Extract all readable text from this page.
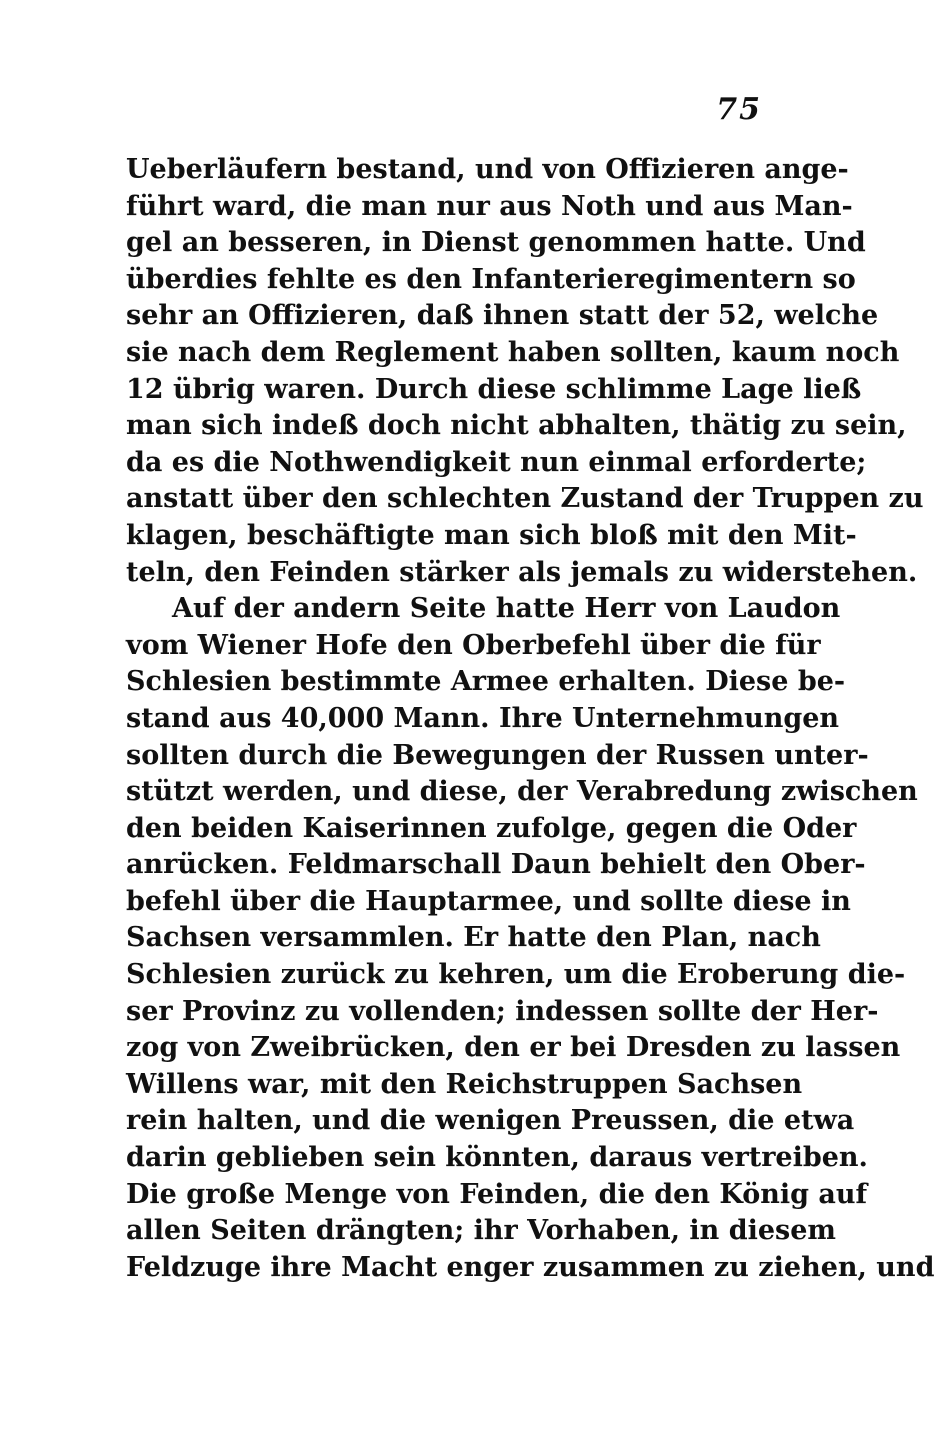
75
Ueberläufern bestand, und von Offizieren ange-
führt ward, die man nur aus Noth und aus Man-
gel an besseren, in Dienst genommen hatte. Und
überdies fehlte es den Infanterieregimentern so
sehr an Offizieren, daß ihnen statt der 52, welche
sie nach dem Reglement haben sollten, kaum noch
12 übrig waren. Durch diese schlimme Lage ließ
man sich indeß doch nicht abhalten, thätig zu sein,
da es die Nothwendigkeit nun einmal erforderte;
anstatt über den schlechten Zustand der Truppen zu
klagen, beschäftigte man sich bloß mit den Mit-
teln, den Feinden stärker als jemals zu widerstehen.
Auf der andern Seite hatte Herr von Laudon
vom Wiener Hofe den Oberbefehl über die für
Schlesien bestimmte Armee erhalten. Diese be-
stand aus 40,000 Mann. Ihre Unternehmungen
sollten durch die Bewegungen der Russen unter-
stützt werden, und diese, der Verabredung zwischen
den beiden Kaiserinnen zufolge, gegen die Oder
anrücken. Feldmarschall Daun behielt den Ober-
befehl über die Hauptarmee, und sollte diese in
Sachsen versammlen. Er hatte den Plan, nach
Schlesien zurück zu kehren, um die Eroberung die-
ser Provinz zu vollenden; indessen sollte der Her-
zog von Zweibrücken, den er bei Dresden zu lassen
Willens war, mit den Reichstruppen Sachsen
rein halten, und die wenigen Preussen, die etwa
darin geblieben sein könnten, daraus vertreiben.
Die große Menge von Feinden, die den König auf
allen Seiten drängten; ihr Vorhaben, in diesem
Feldzuge ihre Macht enger zusammen zu ziehen, und
